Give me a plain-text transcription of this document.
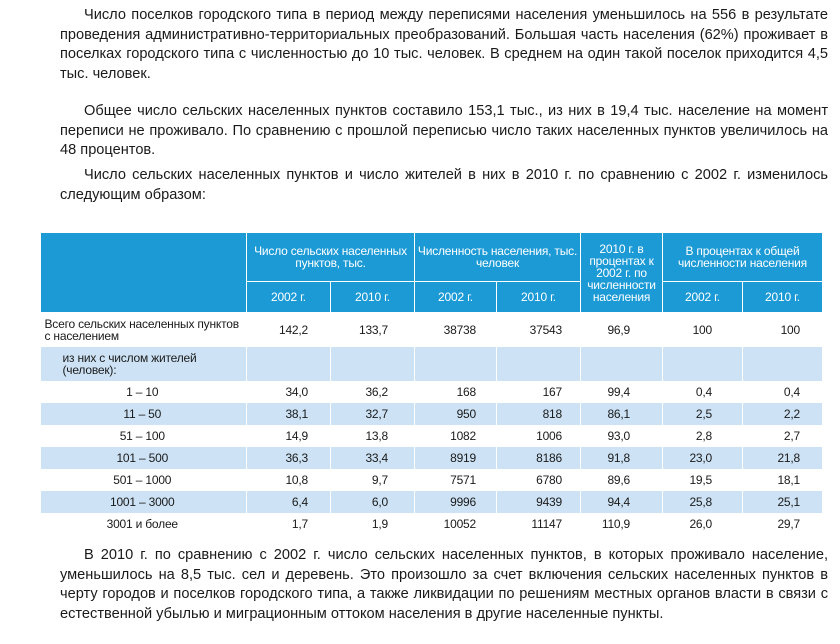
Число поселков городского типа в период между переписями населения уменьшилось на 556 в результате проведения административно-территориальных преобразований. Большая часть населения (62%) проживает в поселках городского типа с численностью до 10 тыс. человек. В среднем на один такой поселок приходится 4,5 тыс. человек.

Общее число сельских населенных пунктов составило 153,1 тыс., из них в 19,4 тыс. население на момент переписи не проживало. По сравнению с прошлой переписью число таких населенных пунктов увеличилось на 48 процентов.

Число сельских населенных пунктов и число жителей в них в 2010 г. по сравнению с 2002 г. изменилось следующим образом:

	Число сельских населенных пунктов, тыс.		Численность населения, тыс. человек		2010 г. в процентах к 2002 г. по численности населения	В процентах к общей численности населения	
	2002 г.	2010 г.	2002 г.	2010 г.		2002 г.	2010 г.
Всего сельских населенных пунктов с населением	142,2	133,7	38738	37543	96,9	100	100
из них с числом жителей (человек):							
1 – 10	34,0	36,2	168	167	99,4	0,4	0,4
11 – 50	38,1	32,7	950	818	86,1	2,5	2,2
51 – 100	14,9	13,8	1082	1006	93,0	2,8	2,7
101 – 500	36,3	33,4	8919	8186	91,8	23,0	21,8
501 – 1000	10,8	9,7	7571	6780	89,6	19,5	18,1
1001 – 3000	6,4	6,0	9996	9439	94,4	25,8	25,1
3001 и более	1,7	1,9	10052	11147	110,9	26,0	29,7

В 2010 г. по сравнению с 2002 г. число сельских населенных пунктов, в которых проживало население, уменьшилось на 8,5 тыс. сел и деревень. Это произошло за счет включения сельских населенных пунктов в черту городов и поселков городского типа, а также ликвидации по решениям местных органов власти в связи с естественной убылью и миграционным оттоком населения в другие населенные пункты.
